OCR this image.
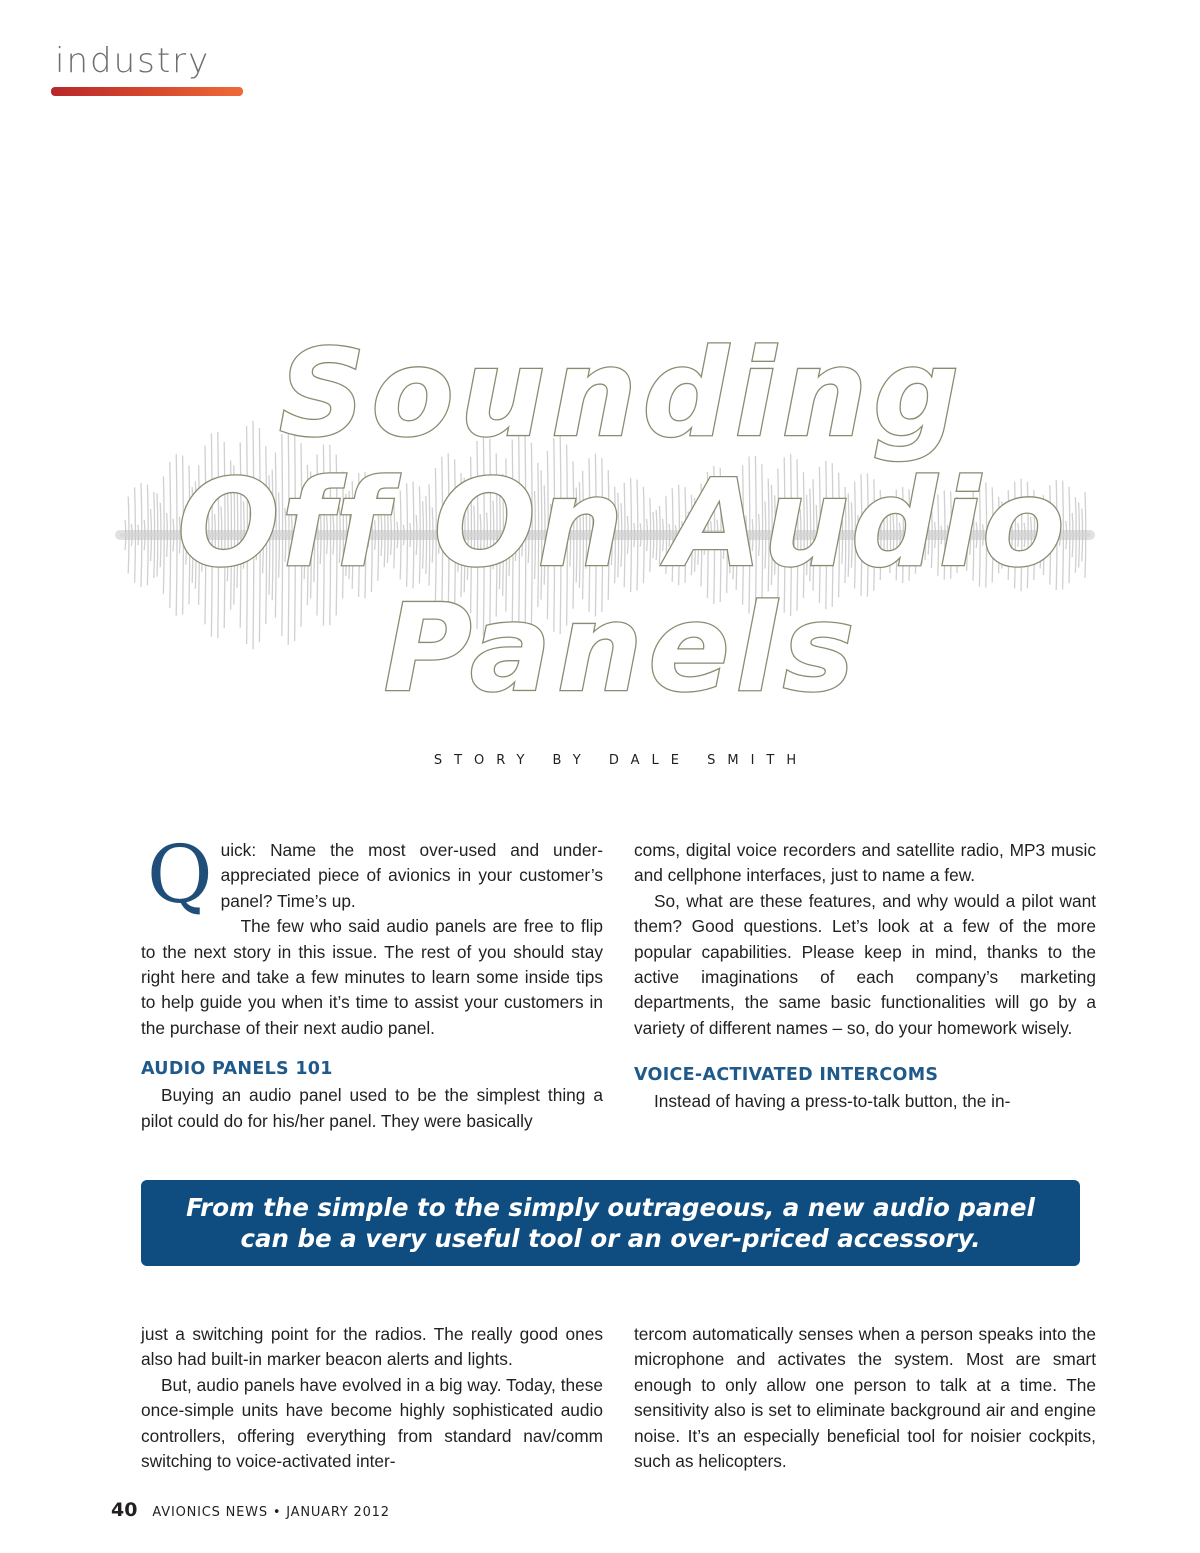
industry
Sounding
Off On Audio
Panels
STORY BY DALE SMITH

Quick: Name the most over-used and under-appreciated piece of avionics in your customer’s panel? Time’s up.

The few who said audio panels are free to flip to the next story in this issue. The rest of you should stay right here and take a few minutes to learn some inside tips to help guide you when it’s time to assist your customers in the purchase of their next audio panel.

AUDIO PANELS 101

Buying an audio panel used to be the simplest thing a pilot could do for his/her panel. They were basically

coms, digital voice recorders and satellite radio, MP3 music and cellphone interfaces, just to name a few.

So, what are these features, and why would a pilot want them? Good questions. Let’s look at a few of the more popular capabilities. Please keep in mind, thanks to the active imaginations of each company’s marketing departments, the same basic functionalities will go by a variety of different names – so, do your homework wisely.

VOICE-ACTIVATED INTERCOMS

Instead of having a press-to-talk button, the in-

From the simple to the simply outrageous, a new audio panel
can be a very useful tool or an over-priced accessory.

just a switching point for the radios. The really good ones also had built-in marker beacon alerts and lights.

But, audio panels have evolved in a big way. Today, these once-simple units have become highly sophisticated audio controllers, offering everything from standard nav/comm switching to voice-activated inter-

tercom automatically senses when a person speaks into the microphone and activates the system. Most are smart enough to only allow one person to talk at a time. The sensitivity also is set to eliminate background air and engine noise. It’s an especially beneficial tool for noisier cockpits, such as helicopters.

40 AVIONICS NEWS • JANUARY 2012
